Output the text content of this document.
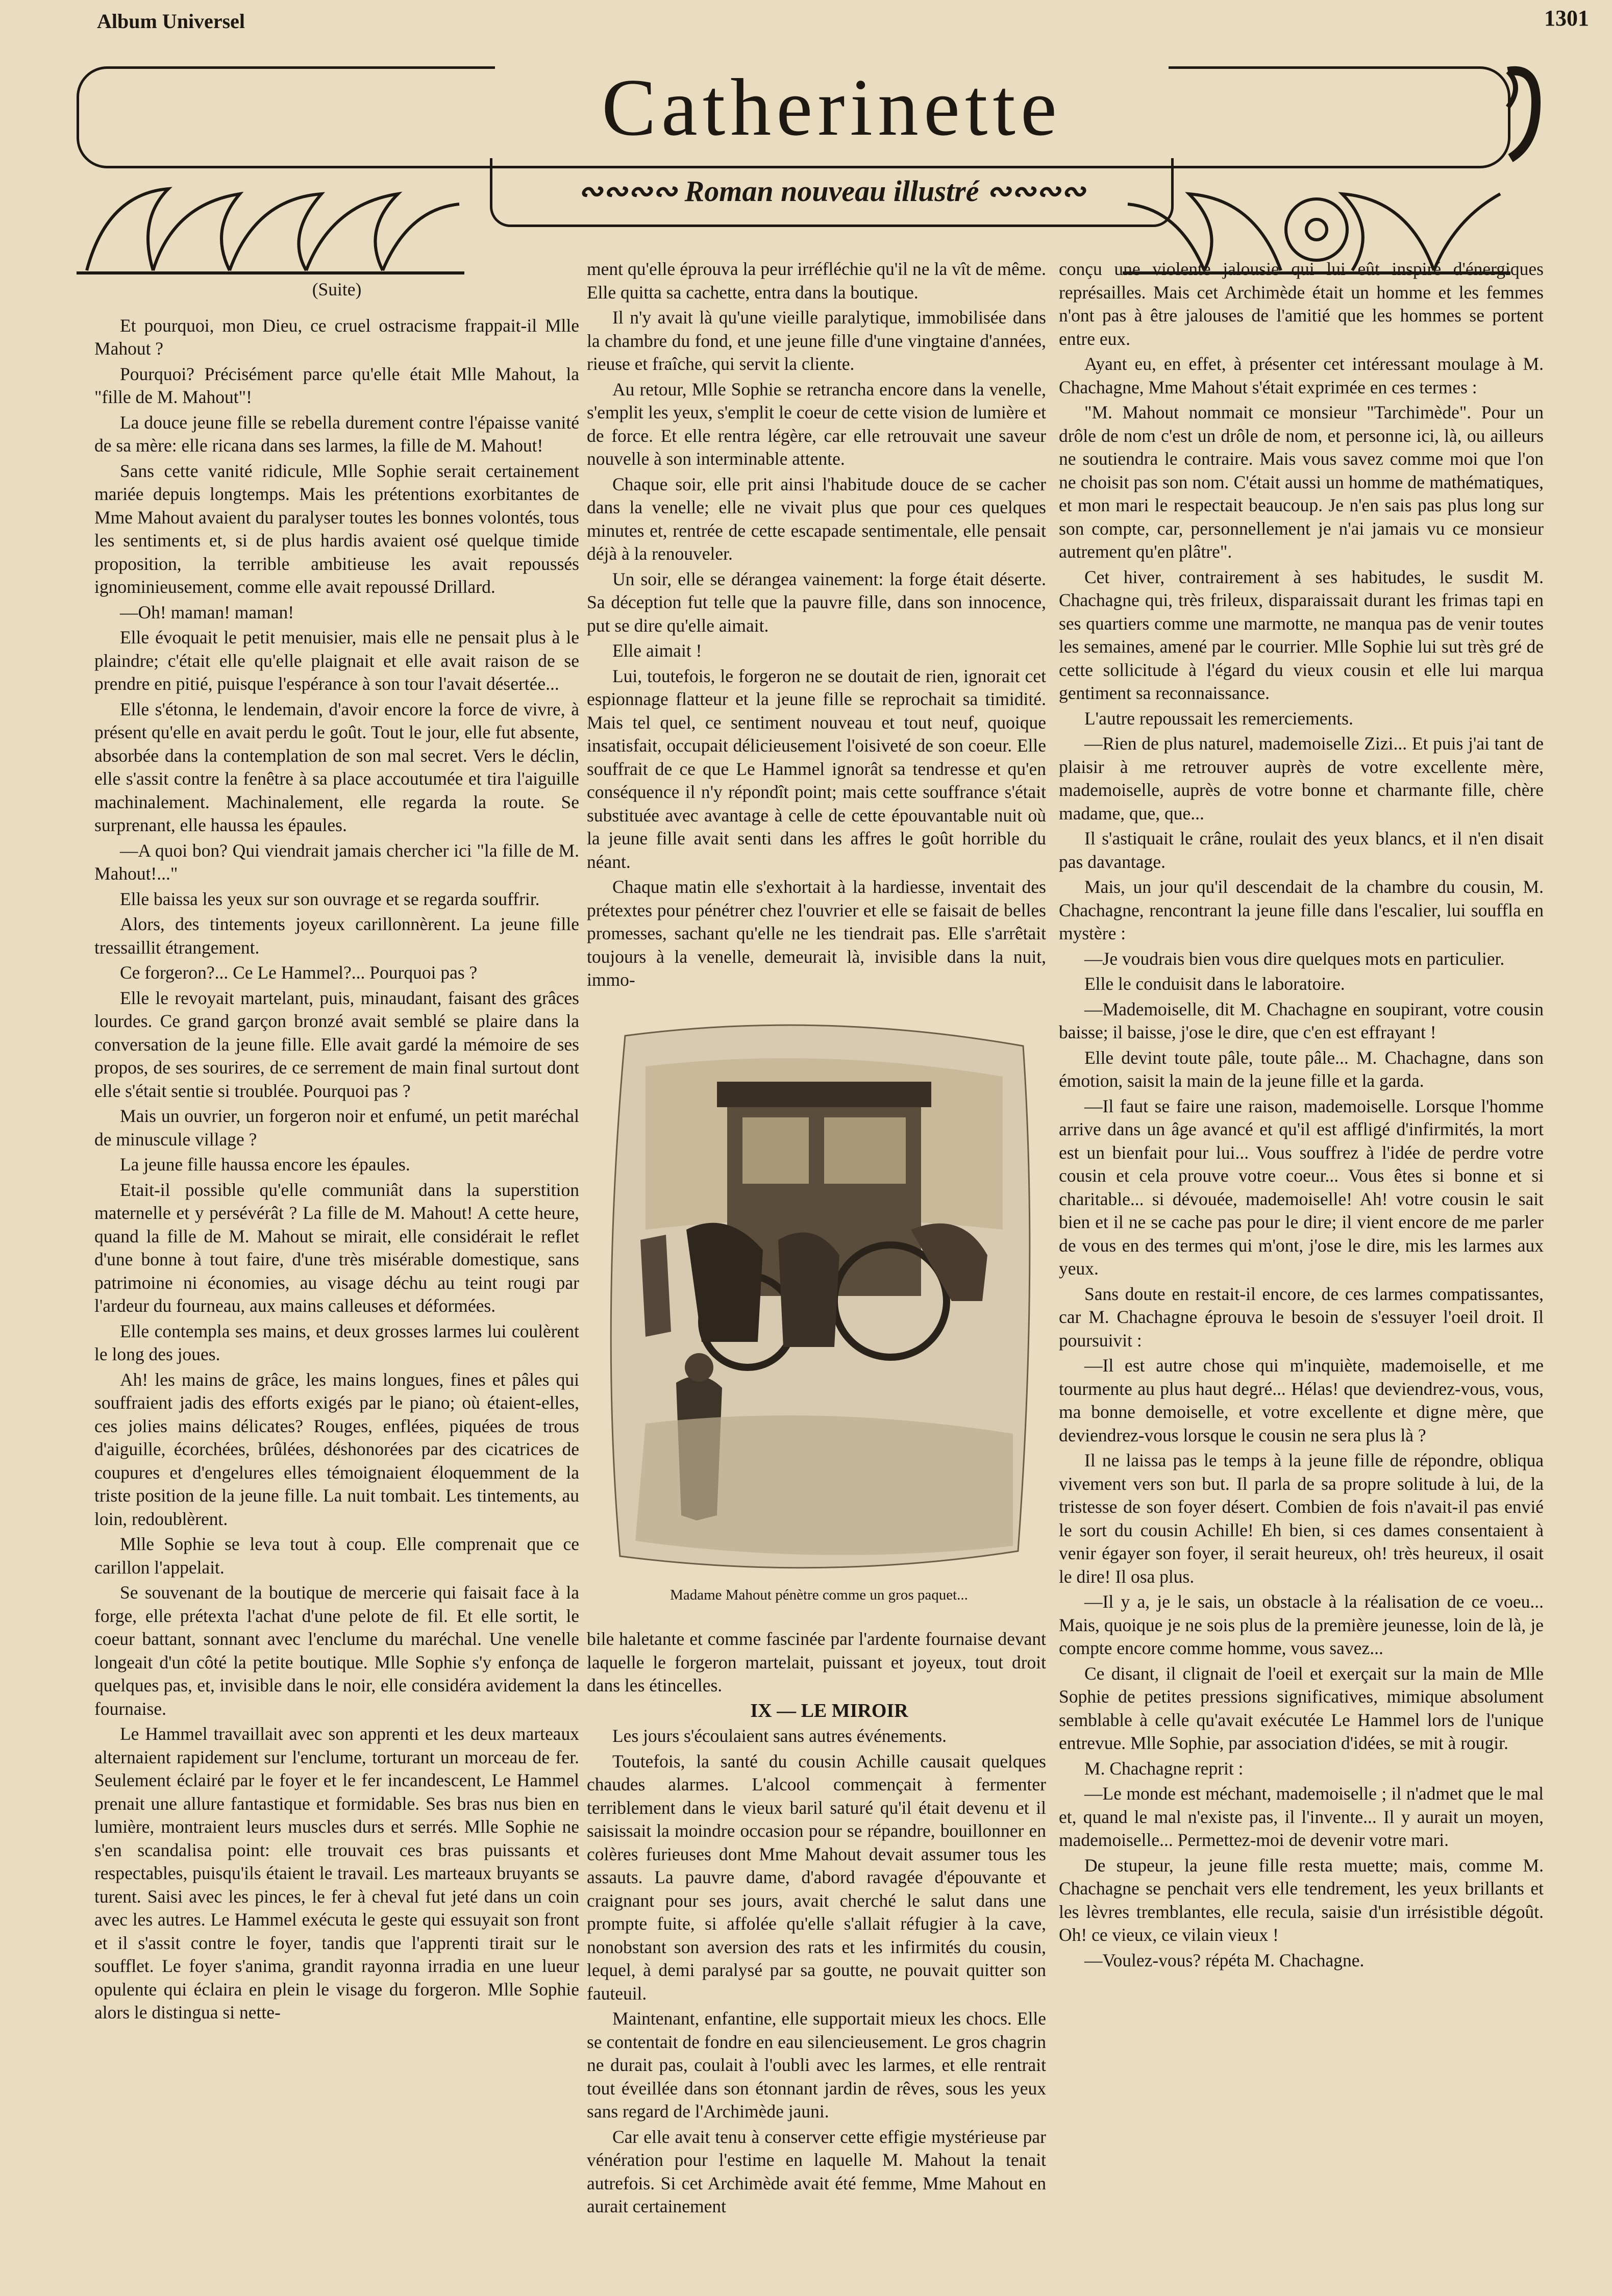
Album Universel	1301
Catherinette
∾∾∾∾ Roman nouveau illustré ∾∾∾∾

(Suite)

Et pourquoi, mon Dieu, ce cruel ostracisme frappait-il Mlle Mahout ?

Pourquoi? Précisément parce qu'elle était Mlle Mahout, la "fille de M. Mahout"!

La douce jeune fille se rebella durement contre l'épaisse vanité de sa mère: elle ricana dans ses larmes, la fille de M. Mahout!

Sans cette vanité ridicule, Mlle Sophie serait certainement mariée depuis longtemps. Mais les prétentions exorbitantes de Mme Mahout avaient du paralyser toutes les bonnes volontés, tous les sentiments et, si de plus hardis avaient osé quelque timide proposition, la terrible ambitieuse les avait repoussés ignominieusement, comme elle avait repoussé Drillard.

—Oh! maman! maman!

Elle évoquait le petit menuisier, mais elle ne pensait plus à le plaindre; c'était elle qu'elle plaignait et elle avait raison de se prendre en pitié, puisque l'espérance à son tour l'avait désertée...

Elle s'étonna, le lendemain, d'avoir encore la force de vivre, à présent qu'elle en avait perdu le goût. Tout le jour, elle fut absente, absorbée dans la contemplation de son mal secret. Vers le déclin, elle s'assit contre la fenêtre à sa place accoutumée et tira l'aiguille machinalement. Machinalement, elle regarda la route. Se surprenant, elle haussa les épaules.

—A quoi bon? Qui viendrait jamais chercher ici "la fille de M. Mahout!..."

Elle baissa les yeux sur son ouvrage et se regarda souffrir.

Alors, des tintements joyeux carillonnèrent. La jeune fille tressaillit étrangement.

Ce forgeron?... Ce Le Hammel?... Pourquoi pas ?

Elle le revoyait martelant, puis, minaudant, faisant des grâces lourdes. Ce grand garçon bronzé avait semblé se plaire dans la conversation de la jeune fille. Elle avait gardé la mémoire de ses propos, de ses sourires, de ce serrement de main final surtout dont elle s'était sentie si troublée. Pourquoi pas ?

Mais un ouvrier, un forgeron noir et enfumé, un petit maréchal de minuscule village ?

La jeune fille haussa encore les épaules.

Etait-il possible qu'elle communiât dans la superstition maternelle et y persévérât ? La fille de M. Mahout! A cette heure, quand la fille de M. Mahout se mirait, elle considérait le reflet d'une bonne à tout faire, d'une très misérable domestique, sans patrimoine ni économies, au visage déchu au teint rougi par l'ardeur du fourneau, aux mains calleuses et déformées.

Elle contempla ses mains, et deux grosses larmes lui coulèrent le long des joues.

Ah! les mains de grâce, les mains longues, fines et pâles qui souffraient jadis des efforts exigés par le piano; où étaient-elles, ces jolies mains délicates? Rouges, enflées, piquées de trous d'aiguille, écorchées, brûlées, déshonorées par des cicatrices de coupures et d'engelures elles témoignaient éloquemment de la triste position de la jeune fille. La nuit tombait. Les tintements, au loin, redoublèrent.

Mlle Sophie se leva tout à coup. Elle comprenait que ce carillon l'appelait.

Se souvenant de la boutique de mercerie qui faisait face à la forge, elle prétexta l'achat d'une pelote de fil. Et elle sortit, le coeur battant, sonnant avec l'enclume du maréchal. Une venelle longeait d'un côté la petite boutique. Mlle Sophie s'y enfonça de quelques pas, et, invisible dans le noir, elle considéra avidement la fournaise.

Le Hammel travaillait avec son apprenti et les deux marteaux alternaient rapidement sur l'enclume, torturant un morceau de fer. Seulement éclairé par le foyer et le fer incandescent, Le Hammel prenait une allure fantastique et formidable. Ses bras nus bien en lumière, montraient leurs muscles durs et serrés. Mlle Sophie ne s'en scandalisa point: elle trouvait ces bras puissants et respectables, puisqu'ils étaient le travail. Les marteaux bruyants se turent. Saisi avec les pinces, le fer à cheval fut jeté dans un coin avec les autres. Le Hammel exécuta le geste qui essuyait son front et il s'assit contre le foyer, tandis que l'apprenti tirait sur le soufflet. Le foyer s'anima, grandit rayonna irradia en une lueur opulente qui éclaira en plein le visage du forgeron. Mlle Sophie alors le distingua si nette-

ment qu'elle éprouva la peur irréfléchie qu'il ne la vît de même. Elle quitta sa cachette, entra dans la boutique.

Il n'y avait là qu'une vieille paralytique, immobilisée dans la chambre du fond, et une jeune fille d'une vingtaine d'années, rieuse et fraîche, qui servit la cliente.

Au retour, Mlle Sophie se retrancha encore dans la venelle, s'emplit les yeux, s'emplit le coeur de cette vision de lumière et de force. Et elle rentra légère, car elle retrouvait une saveur nouvelle à son interminable attente.

Chaque soir, elle prit ainsi l'habitude douce de se cacher dans la venelle; elle ne vivait plus que pour ces quelques minutes et, rentrée de cette escapade sentimentale, elle pensait déjà à la renouveler.

Un soir, elle se dérangea vainement: la forge était déserte. Sa déception fut telle que la pauvre fille, dans son innocence, put se dire qu'elle aimait.

Elle aimait !

Lui, toutefois, le forgeron ne se doutait de rien, ignorait cet espionnage flatteur et la jeune fille se reprochait sa timidité. Mais tel quel, ce sentiment nouveau et tout neuf, quoique insatisfait, occupait délicieusement l'oisiveté de son coeur. Elle souffrait de ce que Le Hammel ignorât sa tendresse et qu'en conséquence il n'y répondît point; mais cette souffrance s'était substituée avec avantage à celle de cette épouvantable nuit où la jeune fille avait senti dans les affres le goût horrible du néant.

Chaque matin elle s'exhortait à la hardiesse, inventait des prétextes pour pénétrer chez l'ouvrier et elle se faisait de belles promesses, sachant qu'elle ne les tiendrait pas. Elle s'arrêtait toujours à la venelle, demeurait là, invisible dans la nuit, immo-

Madame Mahout pénètre comme un gros paquet...

bile haletante et comme fascinée par l'ardente fournaise devant laquelle le forgeron martelait, puissant et joyeux, tout droit dans les étincelles.

IX — LE MIROIR

Les jours s'écoulaient sans autres événements.

Toutefois, la santé du cousin Achille causait quelques chaudes alarmes. L'alcool commençait à fermenter terriblement dans le vieux baril saturé qu'il était devenu et il saisissait la moindre occasion pour se répandre, bouillonner en colères furieuses dont Mme Mahout devait assumer tous les assauts. La pauvre dame, d'abord ravagée d'épouvante et craignant pour ses jours, avait cherché le salut dans une prompte fuite, si affolée qu'elle s'allait réfugier à la cave, nonobstant son aversion des rats et les infirmités du cousin, lequel, à demi paralysé par sa goutte, ne pouvait quitter son fauteuil.

Maintenant, enfantine, elle supportait mieux les chocs. Elle se contentait de fondre en eau silencieusement. Le gros chagrin ne durait pas, coulait à l'oubli avec les larmes, et elle rentrait tout éveillée dans son étonnant jardin de rêves, sous les yeux sans regard de l'Archimède jauni.

Car elle avait tenu à conserver cette effigie mystérieuse par vénération pour l'estime en laquelle M. Mahout la tenait autrefois. Si cet Archimède avait été femme, Mme Mahout en aurait certainement

conçu une violente jalousie qui lui eût inspiré d'énergiques représailles. Mais cet Archimède était un homme et les femmes n'ont pas à être jalouses de l'amitié que les hommes se portent entre eux.

Ayant eu, en effet, à présenter cet intéressant moulage à M. Chachagne, Mme Mahout s'était exprimée en ces termes :

"M. Mahout nommait ce monsieur "Tarchimède". Pour un drôle de nom c'est un drôle de nom, et personne ici, là, ou ailleurs ne soutiendra le contraire. Mais vous savez comme moi que l'on ne choisit pas son nom. C'était aussi un homme de mathématiques, et mon mari le respectait beaucoup. Je n'en sais pas plus long sur son compte, car, personnellement je n'ai jamais vu ce monsieur autrement qu'en plâtre".

Cet hiver, contrairement à ses habitudes, le susdit M. Chachagne qui, très frileux, disparaissait durant les frimas tapi en ses quartiers comme une marmotte, ne manqua pas de venir toutes les semaines, amené par le courrier. Mlle Sophie lui sut très gré de cette sollicitude à l'égard du vieux cousin et elle lui marqua gentiment sa reconnaissance.

L'autre repoussait les remerciements.

—Rien de plus naturel, mademoiselle Zizi... Et puis j'ai tant de plaisir à me retrouver auprès de votre excellente mère, mademoiselle, auprès de votre bonne et charmante fille, chère madame, que, que...

Il s'astiquait le crâne, roulait des yeux blancs, et il n'en disait pas davantage.

Mais, un jour qu'il descendait de la chambre du cousin, M. Chachagne, rencontrant la jeune fille dans l'escalier, lui souffla en mystère :

—Je voudrais bien vous dire quelques mots en particulier.

Elle le conduisit dans le laboratoire.

—Mademoiselle, dit M. Chachagne en soupirant, votre cousin baisse; il baisse, j'ose le dire, que c'en est effrayant !

Elle devint toute pâle, toute pâle... M. Chachagne, dans son émotion, saisit la main de la jeune fille et la garda.

—Il faut se faire une raison, mademoiselle. Lorsque l'homme arrive dans un âge avancé et qu'il est affligé d'infirmités, la mort est un bienfait pour lui... Vous souffrez à l'idée de perdre votre cousin et cela prouve votre coeur... Vous êtes si bonne et si charitable... si dévouée, mademoiselle! Ah! votre cousin le sait bien et il ne se cache pas pour le dire; il vient encore de me parler de vous en des termes qui m'ont, j'ose le dire, mis les larmes aux yeux.

Sans doute en restait-il encore, de ces larmes compatissantes, car M. Chachagne éprouva le besoin de s'essuyer l'oeil droit. Il poursuivit :

—Il est autre chose qui m'inquiète, mademoiselle, et me tourmente au plus haut degré... Hélas! que deviendrez-vous, vous, ma bonne demoiselle, et votre excellente et digne mère, que deviendrez-vous lorsque le cousin ne sera plus là ?

Il ne laissa pas le temps à la jeune fille de répondre, obliqua vivement vers son but. Il parla de sa propre solitude à lui, de la tristesse de son foyer désert. Combien de fois n'avait-il pas envié le sort du cousin Achille! Eh bien, si ces dames consentaient à venir égayer son foyer, il serait heureux, oh! très heureux, il osait le dire! Il osa plus.

—Il y a, je le sais, un obstacle à la réalisation de ce voeu... Mais, quoique je ne sois plus de la première jeunesse, loin de là, je compte encore comme homme, vous savez...

Ce disant, il clignait de l'oeil et exerçait sur la main de Mlle Sophie de petites pressions significatives, mimique absolument semblable à celle qu'avait exécutée Le Hammel lors de l'unique entrevue. Mlle Sophie, par association d'idées, se mit à rougir.

M. Chachagne reprit :

—Le monde est méchant, mademoiselle ; il n'admet que le mal et, quand le mal n'existe pas, il l'invente... Il y aurait un moyen, mademoiselle... Permettez-moi de devenir votre mari.

De stupeur, la jeune fille resta muette; mais, comme M. Chachagne se penchait vers elle tendrement, les yeux brillants et les lèvres tremblantes, elle recula, saisie d'un irrésistible dégoût. Oh! ce vieux, ce vilain vieux !

—Voulez-vous? répéta M. Chachagne.
